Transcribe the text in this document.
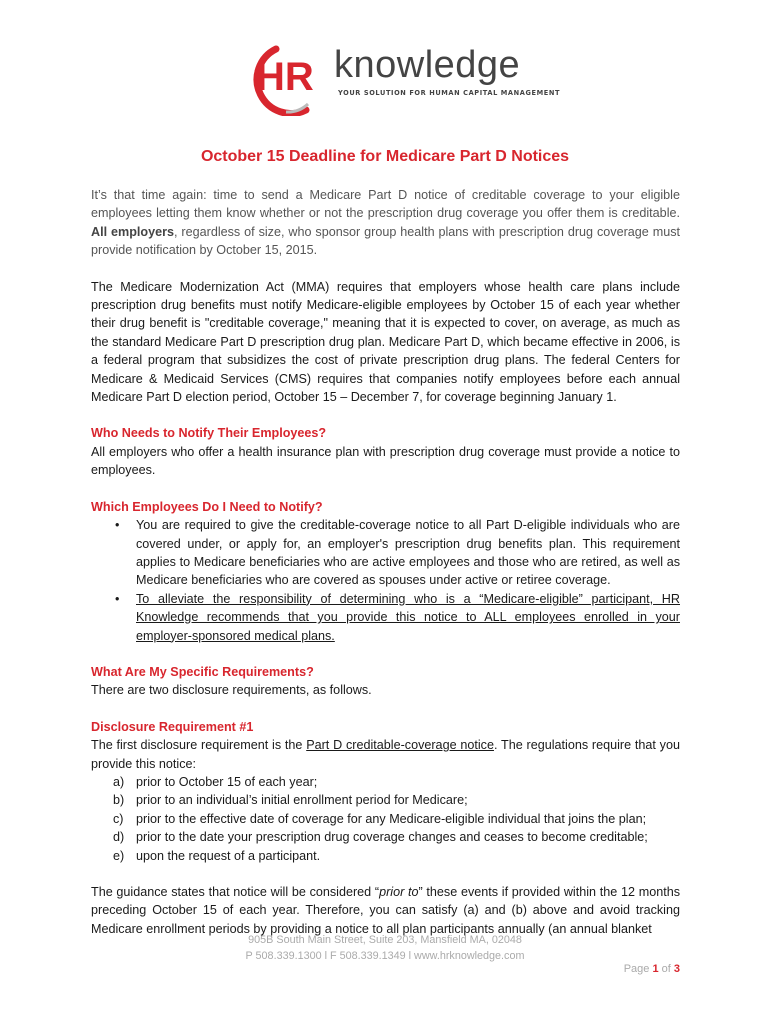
HR knowledge
YOUR SOLUTION FOR HUMAN CAPITAL MANAGEMENT
October 15 Deadline for Medicare Part D Notices

It’s that time again: time to send a Medicare Part D notice of creditable coverage to your eligible employees letting them know whether or not the prescription drug coverage you offer them is creditable. All employers, regardless of size, who sponsor group health plans with prescription drug coverage must provide notification by October 15, 2015.

The Medicare Modernization Act (MMA) requires that employers whose health care plans include prescription drug benefits must notify Medicare-eligible employees by October 15 of each year whether their drug benefit is "creditable coverage," meaning that it is expected to cover, on average, as much as the standard Medicare Part D prescription drug plan. Medicare Part D, which became effective in 2006, is a federal program that subsidizes the cost of private prescription drug plans. The federal Centers for Medicare & Medicaid Services (CMS) requires that companies notify employees before each annual Medicare Part D election period, October 15 – December 7, for coverage beginning January 1.

Who Needs to Notify Their Employees?

All employers who offer a health insurance plan with prescription drug coverage must provide a notice to employees.

Which Employees Do I Need to Notify?
• You are required to give the creditable-coverage notice to all Part D-eligible individuals who are covered under, or apply for, an employer's prescription drug benefits plan. This requirement applies to Medicare beneficiaries who are active employees and those who are retired, as well as Medicare beneficiaries who are covered as spouses under active or retiree coverage.
• To alleviate the responsibility of determining who is a “Medicare-eligible” participant, HR Knowledge recommends that you provide this notice to ALL employees enrolled in your employer-sponsored medical plans.
What Are My Specific Requirements?

There are two disclosure requirements, as follows.

Disclosure Requirement #1

The first disclosure requirement is the Part D creditable-coverage notice. The regulations require that you provide this notice:

a) prior to October 15 of each year;
b) prior to an individual’s initial enrollment period for Medicare;
c) prior to the effective date of coverage for any Medicare-eligible individual that joins the plan;
d) prior to the date your prescription drug coverage changes and ceases to become creditable;
e) upon the request of a participant.

The guidance states that notice will be considered “prior to” these events if provided within the 12 months preceding October 15 of each year. Therefore, you can satisfy (a) and (b) above and avoid tracking Medicare enrollment periods by providing a notice to all plan participants annually (an annual blanket

905B South Main Street, Suite 203, Mansfield MA, 02048
P 508.339.1300 l F 508.339.1349 l www.hrknowledge.com
Page 1 of 3
